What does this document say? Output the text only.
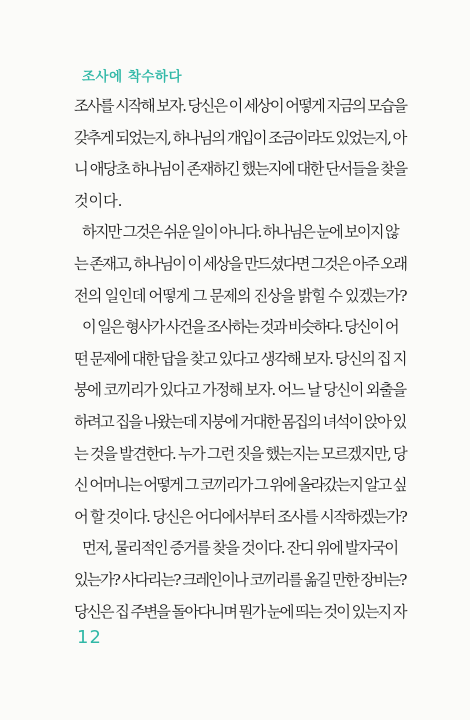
조사에 착수하다
조사를 시작해 보자. 당신은 이 세상이 어떻게 지금의 모습을
갖추게 되었는지, 하나님의 개입이 조금이라도 있었는지, 아
니 애당초 하나님이 존재하긴 했는지에 대한 단서들을 찾을
것이다.
하지만 그것은 쉬운 일이 아니다. 하나님은 눈에 보이지 않
는 존재고, 하나님이 이 세상을 만드셨다면 그것은 아주 오래
전의 일인데 어떻게 그 문제의 진상을 밝힐 수 있겠는가?
이 일은 형사가 사건을 조사하는 것과 비슷하다. 당신이 어
떤 문제에 대한 답을 찾고 있다고 생각해 보자. 당신의 집 지
붕에 코끼리가 있다고 가정해 보자. 어느 날 당신이 외출을
하려고 집을 나왔는데 지붕에 거대한 몸집의 녀석이 앉아 있
는 것을 발견한다. 누가 그런 짓을 했는지는 모르겠지만, 당
신 어머니는 어떻게 그 코끼리가 그 위에 올라갔는지 알고 싶
어 할 것이다. 당신은 어디에서부터 조사를 시작하겠는가?
먼저, 물리적인 증거를 찾을 것이다. 잔디 위에 발자국이
있는가? 사다리는? 크레인이나 코끼리를 옮길 만한 장비는?
당신은 집 주변을 돌아다니며 뭔가 눈에 띄는 것이 있는지 자
12
